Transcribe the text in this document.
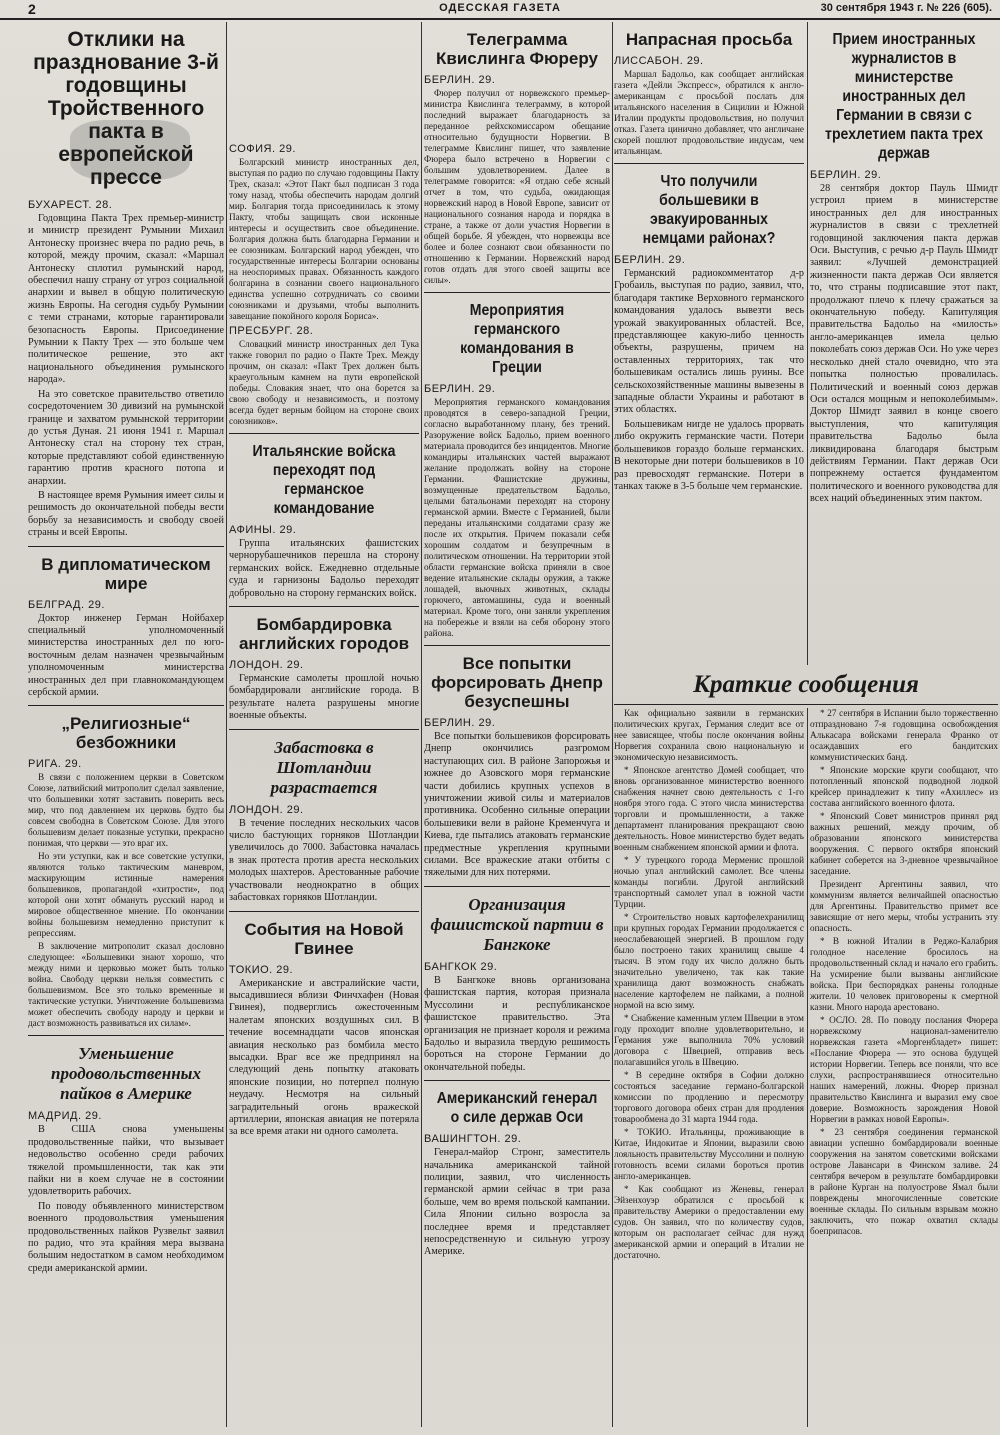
2	ОДЕССКАЯ ГАЗЕТА	30 сентября 1943 г. № 226 (605).
Отклики на празднование 3-й годовщины Тройственного пакта в европейской прессе
БУХАРЕСТ. 28.

Годовщина Пакта Трех премьер-министр и министр президент Румынии Михаил Антонеску произнес вчера по радио речь, в которой, между прочим, сказал: «Маршал Антонеску сплотил румынский народ, обеспечил нашу страну от угроз социальной анархии и вывел в общую политическую жизнь Европы. На сегодня судьбу Румынии с теми странами, которые гарантировали безопасность Европы. Присоединение Румынии к Пакту Трех — это больше чем политическое решение, это акт национального объединения румынского народа».

На это советское правительство ответило сосредоточением 30 дивизий на румынской границе и захватом румынской территории до устья Дуная. 21 июня 1941 г. Маршал Антонеску стал на сторону тех стран, которые представляют собой единственную гарантию против красного потопа и анархии.

В настоящее время Румыния имеет силы и решимость до окончательной победы вести борьбу за независимость и свободу своей страны и всей Европы.

В дипломатическом мире
БЕЛГРАД. 29.

Доктор инженер Герман Нойбахер специальный уполномоченный министерства иностранных дел по юго-восточным делам назначен чрезвычайным уполномоченным министерства иностранных дел при главнокомандующем сербской армии.

„Религиозные“ безбожники
РИГА. 29.

В связи с положением церкви в Советском Союзе, латвийский митрополит сделал заявление, что большевики хотят заставить поверить весь мир, что под давлением их церковь будто бы совсем свободна в Советском Союзе. Для этого большевизм делает показные уступки, прекрасно понимая, что церкви — это враг их.

Но эти уступки, как и все советские уступки, являются только тактическим маневром, маскирующим истинные намерения большевиков, пропагандой «хитрости», под которой они хотят обмануть русский народ и мировое общественное мнение. По окончании войны большевизм немедленно приступит к репрессиям.

В заключение митрополит сказал дословно следующее: «Большевики знают хорошо, что между ними и церковью может быть только война. Свободу церкви нельзя совместить с большевизмом. Все это только временные и тактические уступки. Уничтожение большевизма может обеспечить свободу народу и церкви и даст возможность развиваться их силам».

Уменьшение продовольственных пайков в Америке
МАДРИД. 29.

В США снова уменьшены продовольственные пайки, что вызывает недовольство особенно среди рабочих тяжелой промышленности, так как эти пайки ни в коем случае не в состоянии удовлетворить рабочих.

По поводу объявленного министерством военного продовольствия уменьшения продовольственных пайков Рузвельт заявил по радио, что эта крайняя мера вызвана большим недостатком в самом необходимом среди американской армии.

СОФИЯ. 29.

Болгарский министр иностранных дел, выступая по радио по случаю годовщины Пакту Трех, сказал: «Этот Пакт был подписан 3 года тому назад, чтобы обеспечить народам долгий мир. Болгария тогда присоединилась к этому Пакту, чтобы защищать свои исконные интересы и осуществить свое объединение. Болгария должна быть благодарна Германии и ее союзникам. Болгарский народ убежден, что государственные интересы Болгарии основаны на неоспоримых правах. Обязанность каждого болгарина в сознании своего национального единства успешно сотрудничать со своими союзниками и друзьями, чтобы выполнить завещание покойного короля Бориса».

ПРЕСБУРГ. 28.

Словацкий министр иностранных дел Тука также говорил по радио о Пакте Трех. Между прочим, он сказал: «Пакт Трех должен быть краеугольным камнем на пути европейской победы. Словакия знает, что она борется за свою свободу и независимость, и поэтому всегда будет верным бойцом на стороне своих союзников».

Итальянские войска переходят под германское командование
АФИНЫ. 29.

Группа итальянских фашистских чернорубашечников перешла на сторону германских войск. Ежедневно отдельные суда и гарнизоны Бадольо переходят добровольно на сторону германских войск.

Бомбардировка английских городов
ЛОНДОН. 29.

Германские самолеты прошлой ночью бомбардировали английские города. В результате налета разрушены многие военные объекты.

Забастовка в Шотландии разрастается
ЛОНДОН. 29.

В течение последних нескольких часов число бастующих горняков Шотландии увеличилось до 7000. Забастовка началась в знак протеста против ареста нескольких молодых шахтеров. Арестованные рабочие участвовали неоднократно в общих забастовках горняков Шотландии.

События на Новой Гвинее
ТОКИО. 29.

Американские и австралийские части, высадившиеся вблизи Финчхафен (Новая Гвинея), подверглись ожесточенным налетам японских воздушных сил. В течение восемнадцати часов японская авиация несколько раз бомбила место высадки. Враг все же предпринял на следующий день попытку атаковать японские позиции, но потерпел полную неудачу. Несмотря на сильный заградительный огонь вражеской артиллерии, японская авиация не потеряла за все время атаки ни одного самолета.

Телеграмма Квислинга Фюреру
БЕРЛИН. 29.

Фюрер получил от норвежского премьер-министра Квислинга телеграмму, в которой последний выражает благодарность за переданное рейхскомиссаром обещание относительно будущности Норвегии. В телеграмме Квислинг пишет, что заявление Фюрера было встречено в Норвегии с большим удовлетворением. Далее в телеграмме говорится: «Я отдаю себе ясный отчет в том, что судьба, ожидающая норвежский народ в Новой Европе, зависит от национального сознания народа и порядка в стране, а также от доли участия Норвегии в общей борьбе. Я убежден, что норвежцы все более и более сознают свои обязанности по отношению к Германии. Норвежский народ готов отдать для этого своей защиты все силы».

Мероприятия германского командования в Греции
БЕРЛИН. 29.

Мероприятия германского командования проводятся в северо-западной Греции, согласно выработанному плану, без трений. Разоружение войск Бадольо, прием военного материала проводится без инцидентов. Многие командиры итальянских частей выражают желание продолжать войну на стороне Германии. Фашистские дружины, возмущенные предательством Бадольо, целыми батальонами переходят на сторону германской армии. Вместе с Германией, были переданы итальянскими солдатами сразу же после их открытия. Причем показали себя хорошим солдатом и безупречным в политическом отношении. На территории этой области германские войска приняли в свое ведение итальянские склады оружия, а также лошадей, вьючных животных, склады горючего, автомашины, суда и военный материал. Кроме того, они заняли укрепления на побережье и взяли на себя оборону этого района.

Все попытки форсировать Днепр безуспешны
БЕРЛИН. 29.

Все попытки большевиков форсировать Днепр окончились разгромом наступающих сил. В районе Запорожья и южнее до Азовского моря германские части добились крупных успехов в уничтожении живой силы и материалов противника. Особенно сильные операции большевики вели в районе Кременчуга и Киева, где пытались атаковать германские предместные укрепления крупными силами. Все вражеские атаки отбиты с тяжелыми для них потерями.

Организация фашистской партии в Бангкоке
БАНГКОК 29.

В Бангкоке вновь организована фашистская партия, которая признала Муссолини и республиканское фашистское правительство. Эта организация не признает короля и режима Бадольо и выразила твердую решимость бороться на стороне Германии до окончательной победы.

Американский генерал о силе держав Оси
ВАШИНГТОН. 29.

Генерал-майор Стронг, заместитель начальника американской тайной полиции, заявил, что численность германской армии сейчас в три раза больше, чем во время польской кампании. Сила Японии сильно возросла за последнее время и представляет непосредственную и сильную угрозу Америке.

Напрасная просьба
ЛИССАБОН. 29.

Маршал Бадольо, как сообщает английская газета «Дейли Экспресс», обратился к англо-американцам с просьбой послать для итальянского населения в Сицилии и Южной Италии продукты продовольствия, но получил отказ. Газета цинично добавляет, что англичане скорей пошлют продовольствие индусам, чем итальянцам.

Что получили большевики в эвакуированных немцами районах?
БЕРЛИН. 29.

Германский радиокомментатор д-р Гробаиль, выступая по радио, заявил, что, благодаря тактике Верховного германского командования удалось вывезти весь урожай эвакуированных областей. Все, представляющее какую-либо ценность объекты, разрушены, причем на оставленных территориях, так что большевикам остались лишь руины. Все сельскохозяйственные машины вывезены в западные области Украины и работают в этих областях.

Большевикам нигде не удалось прорвать либо окружить германские части. Потери большевиков гораздо больше германских. В некоторые дни потери большевиков в 10 раз превосходят германские. Потери в танках также в 3-5 больше чем германские.

Прием иностранных журналистов в министерстве иностранных дел Германии в связи с трехлетием пакта трех держав
БЕРЛИН. 29.

28 сентября доктор Пауль Шмидт устроил прием в министерстве иностранных дел для иностранных журналистов в связи с трехлетней годовщиной заключения пакта держав Оси. Выступив, с речью д-р Пауль Шмидт заявил: «Лучшей демонстрацией жизненности пакта держав Оси является то, что страны подписавшие этот пакт, продолжают плечо к плечу сражаться за окончательную победу. Капитуляция правительства Бадольо на «милость» англо-американцев имела целью поколебать союз держав Оси. Но уже через несколько дней стало очевидно, что эта попытка полностью провалилась. Политический и военный союз держав Оси остался мощным и непоколебимым». Доктор Шмидт заявил в конце своего выступления, что капитуляция правительства Бадольо была ликвидирована благодаря быстрым действиям Германии. Пакт держав Оси попрежнему остается фундаментом политического и военного руководства для всех наций объединенных этим пактом.

Краткие сообщения

Как официально заявили в германских политических кругах, Германия следит все от нее зависящее, чтобы после окончания войны Норвегия сохранила свою национальную и экономическую независимость.

* Японское агентство Домей сообщает, что вновь организованное министерство военного снабжения начнет свою деятельность с 1-го ноября этого года. С этого числа министерства торговли и промышленности, а также департамент планирования прекращают свою деятельность. Новое министерство будет ведать военным снабжением японской армии и флота.

* У турецкого города Мерменис прошлой ночью упал английский самолет. Все члены команды погибли. Другой английский транспортный самолет упал в южной части Турции.

* Строительство новых картофелехранилищ при крупных городах Германии продолжается с неослабевающей энергией. В прошлом году было построено таких хранилищ свыше 4 тысяч. В этом году их число должно быть значительно увеличено, так как такие хранилища дают возможность снабжать население картофелем не пайками, а полной нормой на всю зиму.

* Снабжение каменным углем Швеции в этом году проходит вполне удовлетворительно, и Германия уже выполнила 70% условий договора с Швецией, отправив весь полагавшийся уголь в Швецию.

* В середине октября в Софии должно состояться заседание германо-болгарской комиссии по продлению и пересмотру торгового договора обеих стран для продления товарообмена до 31 марта 1944 года.

* ТОКИО. Итальянцы, проживающие в Китае, Индокитае и Японии, выразили свою лояльность правительству Муссолини и полную готовность всеми силами бороться против англо-американцев.

* Как сообщают из Женевы, генерал Эйзенхоуэр обратился с просьбой к правительству Америки о предоставлении ему судов. Он заявил, что по количеству судов, которым он располагает сейчас для нужд американской армии и операций в Италии не достаточно.

* 27 сентября в Испании было торжественно отпраздновано 7-я годовщина освобождения Алькасара войсками генерала Франко от осаждавших его бандитских коммунистических банд.

* Японские морские круги сообщают, что потопленный японской подводной лодкой крейсер принадлежит к типу «Ахиллес» из состава английского военного флота.

* Японский Совет министров принял ряд важных решений, между прочим, об образовании японского министерства вооружения. С первого октября японский кабинет соберется на 3-дневное чрезвычайное заседание.

Президент Аргентины заявил, что коммунизм является величайшей опасностью для Аргентины. Правительство примет все зависящие от него меры, чтобы устранить эту опасность.

* В южной Италии в Реджо-Калабрия голодное население бросилось на продовольственный склад и начало его грабить. На усмирение были вызваны английские войска. При беспорядках ранены голодные жители. 10 человек приговорены к смертной казни. Много народа арестовано.

* ОСЛО. 28. По поводу послания Фюрера норвежскому национал-заменителю норвежская газета «Моргенбладет» пишет: «Послание Фюрера — это основа будущей истории Норвегии. Теперь все поняли, что все слухи, распространявшиеся относительно наших намерений, ложны. Фюрер признал правительство Квислинга и выразил ему свое доверие. Возможность зарождения Новой Норвегии в рамках новой Европы».

* 23 сентября соединения германской авиации успешно бомбардировали военные сооружения на занятом советскими войсками острове Лавансари в Финском заливе. 24 сентября вечером в результате бомбардировки в районе Курган на полуострове Ямал были повреждены многочисленные советские военные склады. По сильным взрывам можно заключить, что пожар охватил склады боеприпасов.
